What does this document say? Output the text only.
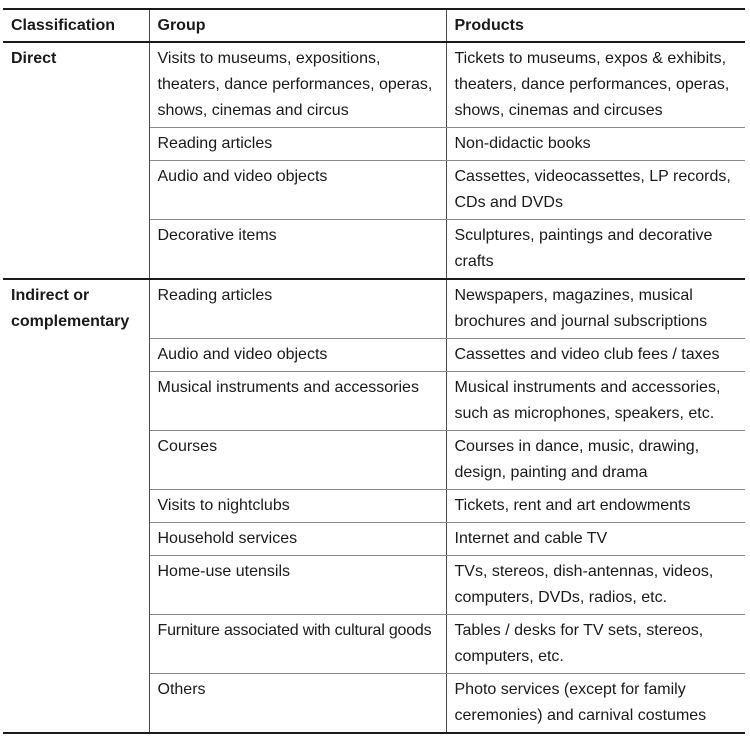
Classification	Group	Products
Direct	Visits to museums, expositions, theaters, dance performances, operas, shows, cinemas and circus	Tickets to museums, expos & exhibits, theaters, dance performances, operas, shows, cinemas and circuses
	Reading articles	Non-didactic books
	Audio and video objects	Cassettes, videocassettes, LP records, CDs and DVDs
	Decorative items	Sculptures, paintings and decorative crafts
Indirect or complementary	Reading articles	Newspapers, magazines, musical brochures and journal subscriptions
	Audio and video objects	Cassettes and video club fees / taxes
	Musical instruments and accessories	Musical instruments and accessories, such as microphones, speakers, etc.
	Courses	Courses in dance, music, drawing, design, painting and drama
	Visits to nightclubs	Tickets, rent and art endowments
	Household services	Internet and cable TV
	Home-use utensils	TVs, stereos, dish-antennas, videos, computers, DVDs, radios, etc.
	Furniture associated with cultural goods	Tables / desks for TV sets, stereos, computers, etc.
	Others	Photo services (except for family ceremonies) and carnival costumes
